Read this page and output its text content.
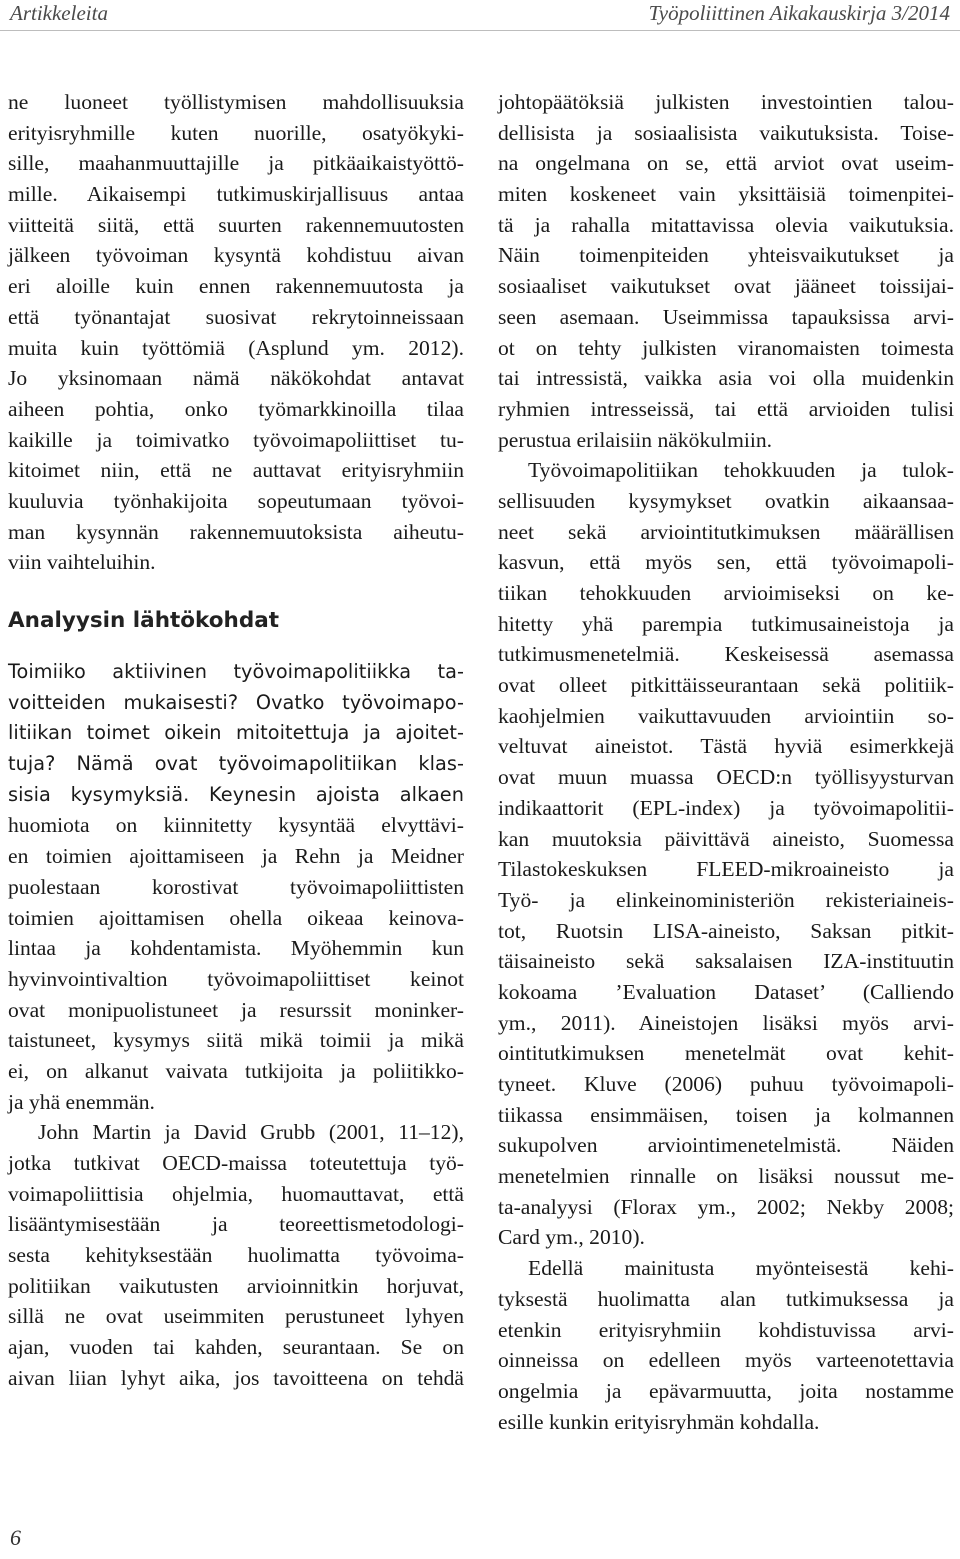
Artikkeleita	Työpoliittinen Aikakauskirja 3/2014
ne luoneet työllistymisen mahdollisuuksia
erityisryhmille kuten nuorille, osatyökyki-
sille, maahanmuuttajille ja pitkäaikaistyöttö-
mille. Aikaisempi tutkimuskirjallisuus antaa
viitteitä siitä, että suurten rakennemuutosten
jälkeen työvoiman kysyntä kohdistuu aivan
eri aloille kuin ennen rakennemuutosta ja
että työnantajat suosivat rekrytoinneissaan
muita kuin työttömiä (Asplund ym. 2012).
Jo yksinomaan nämä näkökohdat antavat
aiheen pohtia, onko työmarkkinoilla tilaa
kaikille ja toimivatko työvoimapoliittiset tu-
kitoimet niin, että ne auttavat erityisryhmiin
kuuluvia työnhakijoita sopeutumaan työvoi-
man kysynnän rakennemuutoksista aiheutu-
viin vaihteluihin.
Analyysin lähtökohdat
Toimiiko aktiivinen työvoimapolitiikka ta-
voitteiden mukaisesti? Ovatko työvoimapo-
litiikan toimet oikein mitoitettuja ja ajoitet-
tuja? Nämä ovat työvoimapolitiikan klas-
sisia kysymyksiä. Keynesin ajoista alkaen
huomiota on kiinnitetty kysyntää elvyttävi-
en toimien ajoittamiseen ja Rehn ja Meidner
puolestaan korostivat työvoimapoliittisten
toimien ajoittamisen ohella oikeaa keinova-
lintaa ja kohdentamista. Myöhemmin kun
hyvinvointivaltion työvoimapoliittiset keinot
ovat monipuolistuneet ja resurssit moninker-
taistuneet, kysymys siitä mikä toimii ja mikä
ei, on alkanut vaivata tutkijoita ja poliitikko-
ja yhä enemmän.
John Martin ja David Grubb (2001, 11–12),
jotka tutkivat OECD-maissa toteutettuja työ-
voimapoliittisia ohjelmia, huomauttavat, että
lisääntymisestään ja teoreettismetodologi-
sesta kehityksestään huolimatta työvoima-
politiikan vaikutusten arvioinnitkin horjuvat,
sillä ne ovat useimmiten perustuneet lyhyen
ajan, vuoden tai kahden, seurantaan. Se on
aivan liian lyhyt aika, jos tavoitteena on tehdä
johtopäätöksiä julkisten investointien talou-
dellisista ja sosiaalisista vaikutuksista. Toise-
na ongelmana on se, että arviot ovat useim-
miten koskeneet vain yksittäisiä toimenpitei-
tä ja rahalla mitattavissa olevia vaikutuksia.
Näin toimenpiteiden yhteisvaikutukset ja
sosiaaliset vaikutukset ovat jääneet toissijai-
seen asemaan. Useimmissa tapauksissa arvi-
ot on tehty julkisten viranomaisten toimesta
tai intressistä, vaikka asia voi olla muidenkin
ryhmien intresseissä, tai että arvioiden tulisi
perustua erilaisiin näkökulmiin.
Työvoimapolitiikan tehokkuuden ja tulok-
sellisuuden kysymykset ovatkin aikaansaa-
neet sekä arviointitutkimuksen määrällisen
kasvun, että myös sen, että työvoimapoli-
tiikan tehokkuuden arvioimiseksi on ke-
hitetty yhä parempia tutkimusaineistoja ja
tutkimusmenetelmiä. Keskeisessä asemassa
ovat olleet pitkittäisseurantaan sekä politiik-
kaohjelmien vaikuttavuuden arviointiin so-
veltuvat aineistot. Tästä hyviä esimerkkejä
ovat muun muassa OECD:n työllisyysturvan
indikaattorit (EPL-index) ja työvoimapolitii-
kan muutoksia päivittävä aineisto, Suomessa
Tilastokeskuksen FLEED-mikroaineisto ja
Työ- ja elinkeinoministeriön rekisteriaineis-
tot, Ruotsin LISA-aineisto, Saksan pitkit-
täisaineisto sekä saksalaisen IZA-instituutin
kokoama ’Evaluation Dataset’ (Calliendo
ym., 2011). Aineistojen lisäksi myös arvi-
ointitutkimuksen menetelmät ovat kehit-
tyneet. Kluve (2006) puhuu työvoimapoli-
tiikassa ensimmäisen, toisen ja kolmannen
sukupolven arviointimenetelmistä. Näiden
menetelmien rinnalle on lisäksi noussut me-
ta-analyysi (Florax ym., 2002; Nekby 2008;
Card ym., 2010).
Edellä mainitusta myönteisestä kehi-
tyksestä huolimatta alan tutkimuksessa ja
etenkin erityisryhmiin kohdistuvissa arvi-
oinneissa on edelleen myös varteenotettavia
ongelmia ja epävarmuutta, joita nostamme
esille kunkin erityisryhmän kohdalla.
6
